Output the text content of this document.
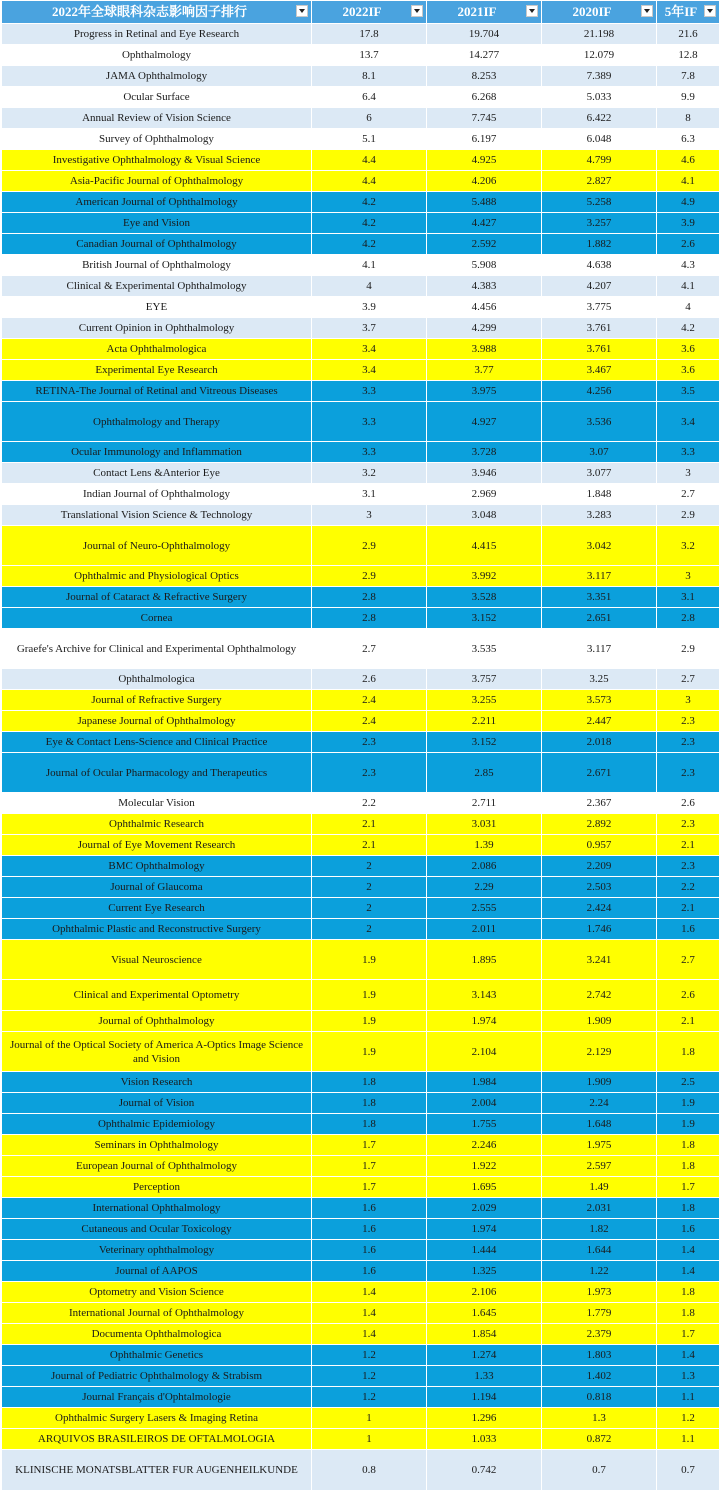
2022年全球眼科杂志影响因子排行	2022IF	2021IF	2020IF	5年IF

Progress in Retinal and Eye Research	17.8	19.704	21.198	21.6
Ophthalmology	13.7	14.277	12.079	12.8
JAMA Ophthalmology	8.1	8.253	7.389	7.8
Ocular Surface	6.4	6.268	5.033	9.9
Annual Review of Vision Science	6	7.745	6.422	8
Survey of Ophthalmology	5.1	6.197	6.048	6.3
Investigative Ophthalmology & Visual Science	4.4	4.925	4.799	4.6
Asia-Pacific Journal of Ophthalmology	4.4	4.206	2.827	4.1
American Journal of Ophthalmology	4.2	5.488	5.258	4.9
Eye and Vision	4.2	4.427	3.257	3.9
Canadian Journal of Ophthalmology	4.2	2.592	1.882	2.6
British Journal of Ophthalmology	4.1	5.908	4.638	4.3
Clinical & Experimental Ophthalmology	4	4.383	4.207	4.1
EYE	3.9	4.456	3.775	4
Current Opinion in Ophthalmology	3.7	4.299	3.761	4.2
Acta Ophthalmologica	3.4	3.988	3.761	3.6
Experimental Eye Research	3.4	3.77	3.467	3.6
RETINA-The Journal of Retinal and Vitreous Diseases	3.3	3.975	4.256	3.5
Ophthalmology and Therapy	3.3	4.927	3.536	3.4
Ocular Immunology and Inflammation	3.3	3.728	3.07	3.3
Contact Lens &Anterior Eye	3.2	3.946	3.077	3
Indian Journal of Ophthalmology	3.1	2.969	1.848	2.7
Translational Vision Science & Technology	3	3.048	3.283	2.9
Journal of Neuro-Ophthalmology	2.9	4.415	3.042	3.2
Ophthalmic and Physiological Optics	2.9	3.992	3.117	3
Journal of Cataract & Refractive Surgery	2.8	3.528	3.351	3.1
Cornea	2.8	3.152	2.651	2.8
Graefe's Archive for Clinical and Experimental Ophthalmology	2.7	3.535	3.117	2.9
Ophthalmologica	2.6	3.757	3.25	2.7
Journal of Refractive Surgery	2.4	3.255	3.573	3
Japanese Journal of Ophthalmology	2.4	2.211	2.447	2.3
Eye & Contact Lens-Science and Clinical Practice	2.3	3.152	2.018	2.3
Journal of Ocular Pharmacology and Therapeutics	2.3	2.85	2.671	2.3
Molecular Vision	2.2	2.711	2.367	2.6
Ophthalmic Research	2.1	3.031	2.892	2.3
Journal of Eye Movement Research	2.1	1.39	0.957	2.1
BMC Ophthalmology	2	2.086	2.209	2.3
Journal of Glaucoma	2	2.29	2.503	2.2
Current Eye Research	2	2.555	2.424	2.1
Ophthalmic Plastic and Reconstructive Surgery	2	2.011	1.746	1.6
Visual Neuroscience	1.9	1.895	3.241	2.7
Clinical and Experimental Optometry	1.9	3.143	2.742	2.6
Journal of Ophthalmology	1.9	1.974	1.909	2.1
Journal of the Optical Society of America A-Optics Image Science and Vision	1.9	2.104	2.129	1.8
Vision Research	1.8	1.984	1.909	2.5
Journal of Vision	1.8	2.004	2.24	1.9
Ophthalmic Epidemiology	1.8	1.755	1.648	1.9
Seminars in Ophthalmology	1.7	2.246	1.975	1.8
European Journal of Ophthalmology	1.7	1.922	2.597	1.8
Perception	1.7	1.695	1.49	1.7
International Ophthalmology	1.6	2.029	2.031	1.8
Cutaneous and Ocular Toxicology	1.6	1.974	1.82	1.6
Veterinary ophthalmology	1.6	1.444	1.644	1.4
Journal of AAPOS	1.6	1.325	1.22	1.4
Optometry and Vision Science	1.4	2.106	1.973	1.8
International Journal of Ophthalmology	1.4	1.645	1.779	1.8
Documenta Ophthalmologica	1.4	1.854	2.379	1.7
Ophthalmic Genetics	1.2	1.274	1.803	1.4
Journal of Pediatric Ophthalmology & Strabism	1.2	1.33	1.402	1.3
Journal Français d'Ophtalmologie	1.2	1.194	0.818	1.1
Ophthalmic Surgery Lasers & Imaging Retina	1	1.296	1.3	1.2
ARQUIVOS BRASILEIROS DE OFTALMOLOGIA	1	1.033	0.872	1.1
KLINISCHE MONATSBLATTER FUR AUGENHEILKUNDE	0.8	0.742	0.7	0.7
